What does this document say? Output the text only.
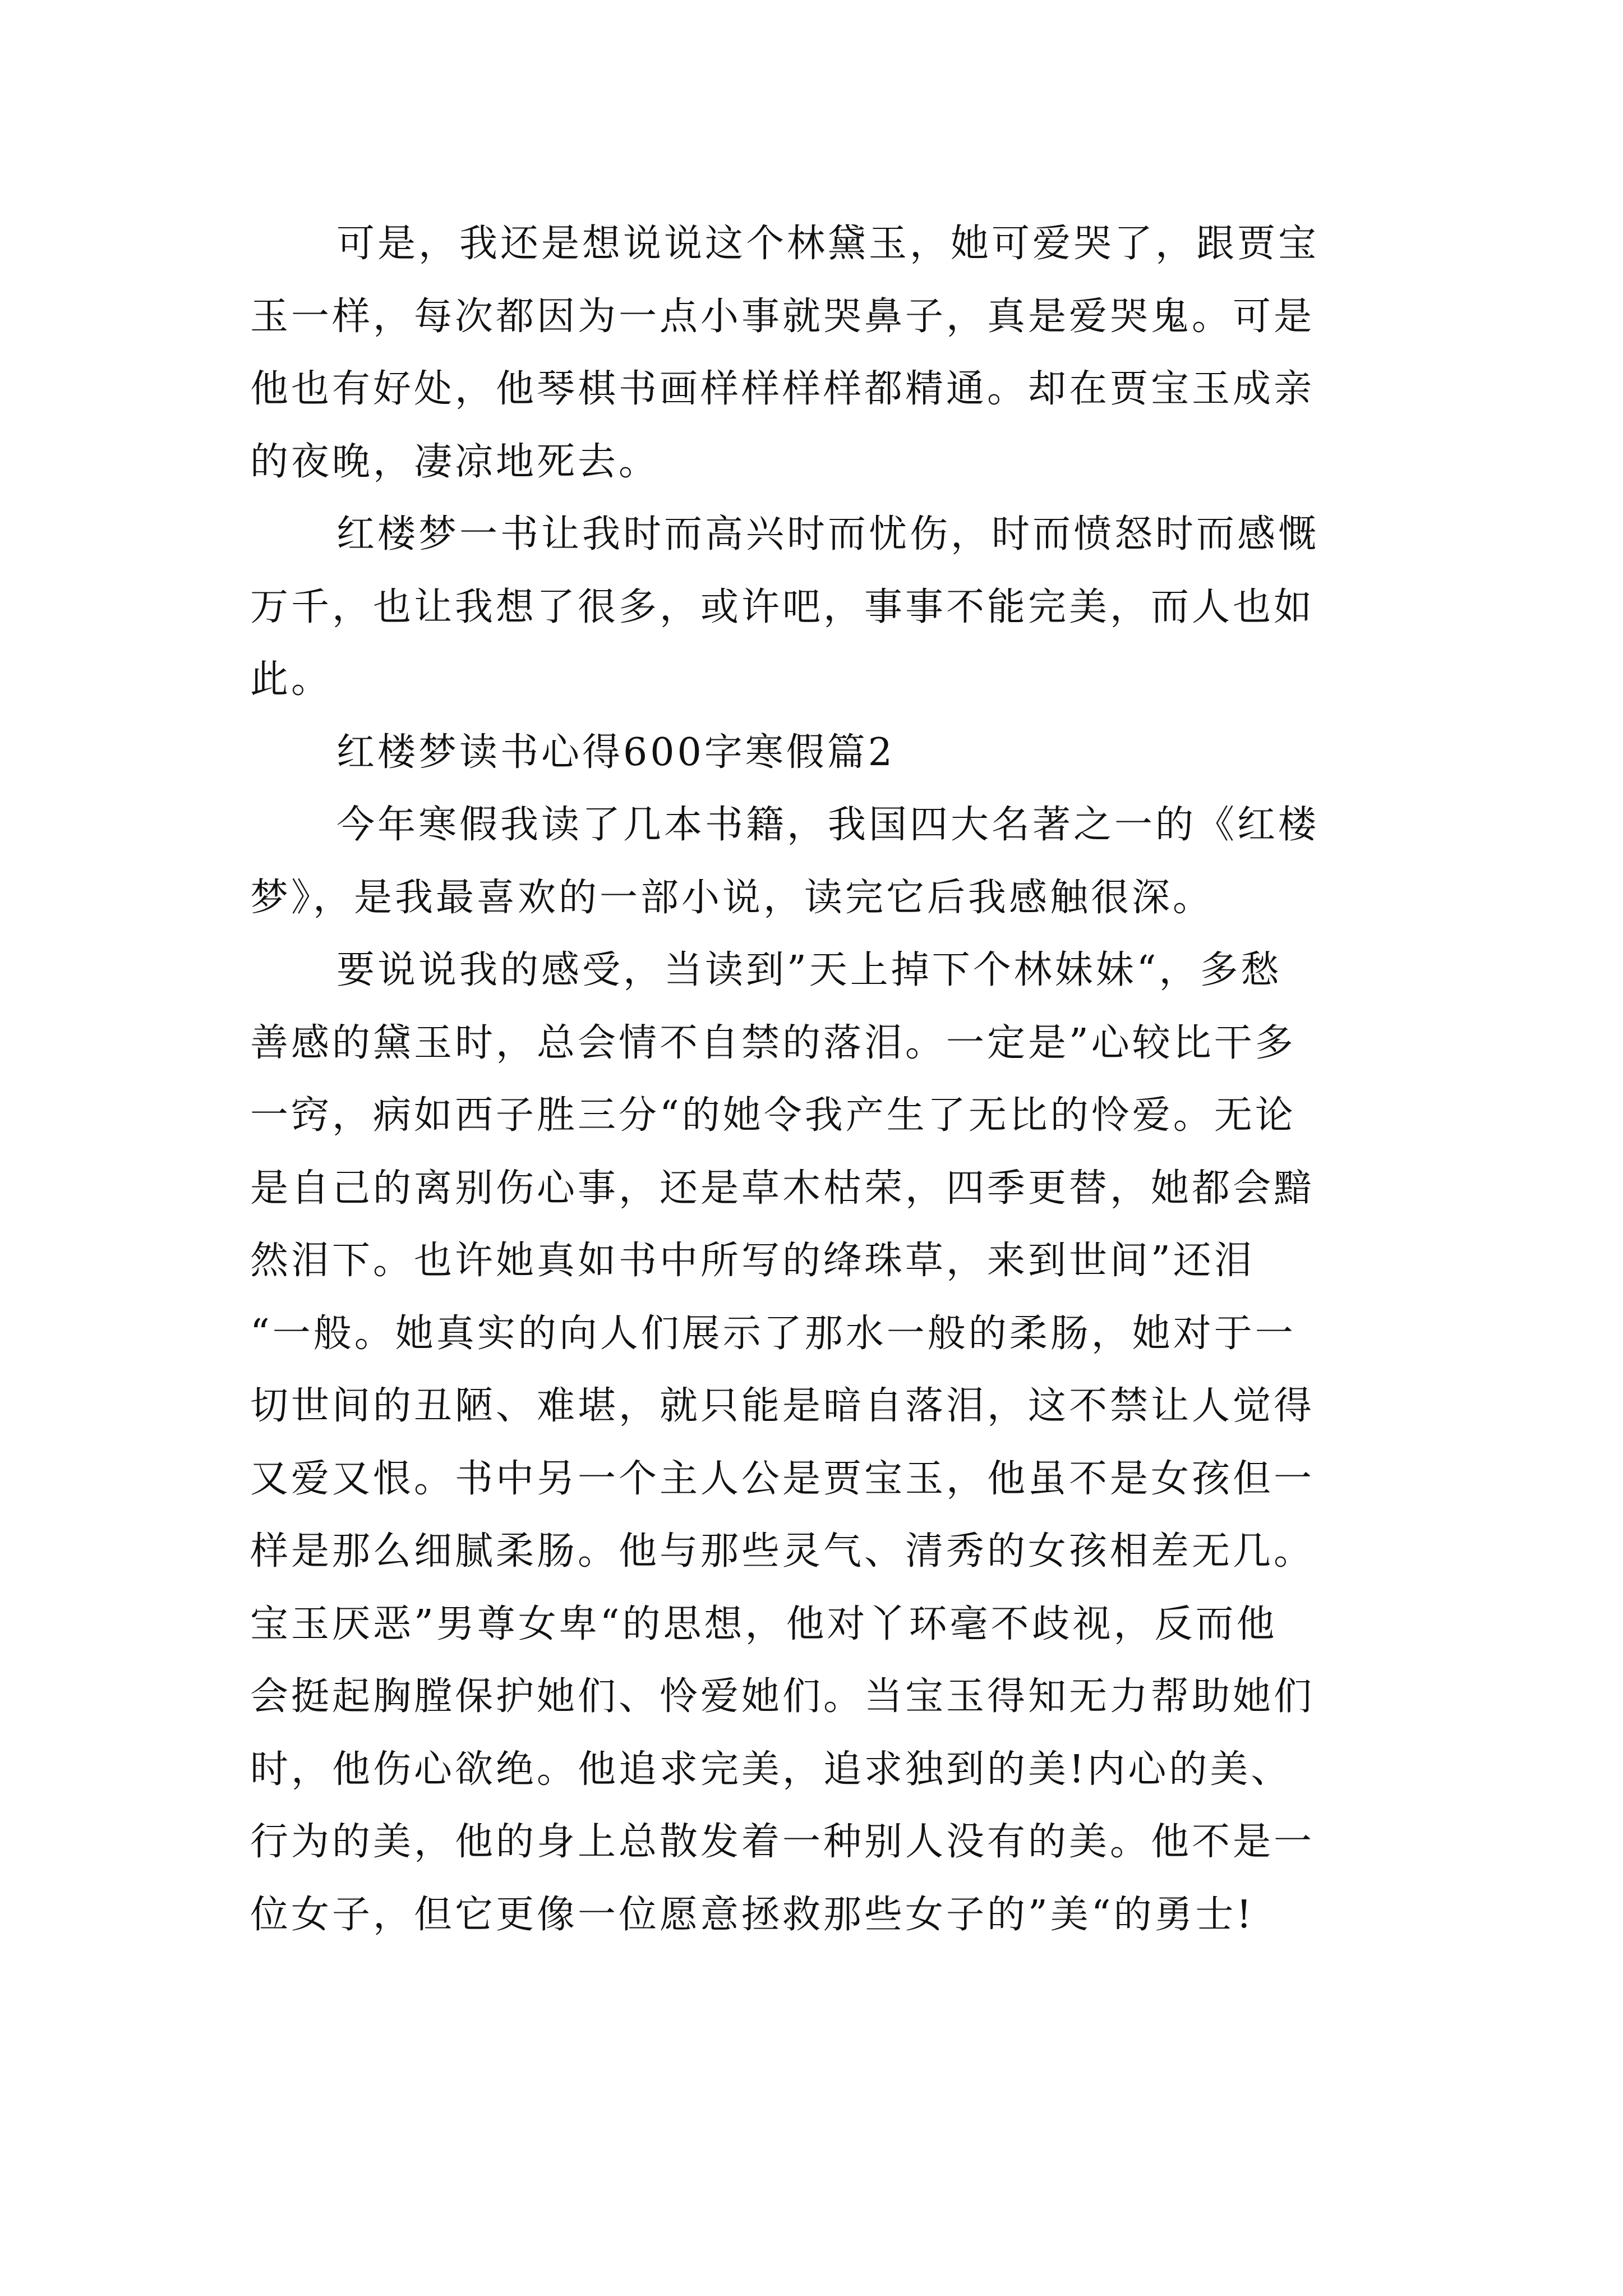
可是，我还是想说说这个林黛玉，她可爱哭了，跟贾宝
玉一样，每次都因为一点小事就哭鼻子，真是爱哭鬼。可是
他也有好处，他琴棋书画样样样样都精通。却在贾宝玉成亲
的夜晚，凄凉地死去。
红楼梦一书让我时而高兴时而忧伤，时而愤怒时而感慨
万千，也让我想了很多，或许吧，事事不能完美，而人也如
此。
红楼梦读书心得600字寒假篇2
今年寒假我读了几本书籍，我国四大名著之一的《红楼
梦》，是我最喜欢的一部小说，读完它后我感触很深。
要说说我的感受，当读到”天上掉下个林妹妹“，多愁
善感的黛玉时，总会情不自禁的落泪。一定是”心较比干多
一窍，病如西子胜三分“的她令我产生了无比的怜爱。无论
是自己的离别伤心事，还是草木枯荣，四季更替，她都会黯
然泪下。也许她真如书中所写的绛珠草，来到世间”还泪
“一般。她真实的向人们展示了那水一般的柔肠，她对于一
切世间的丑陋、难堪，就只能是暗自落泪，这不禁让人觉得
又爱又恨。书中另一个主人公是贾宝玉，他虽不是女孩但一
样是那么细腻柔肠。他与那些灵气、清秀的女孩相差无几。
宝玉厌恶”男尊女卑“的思想，他对丫环毫不歧视，反而他
会挺起胸膛保护她们、怜爱她们。当宝玉得知无力帮助她们
时，他伤心欲绝。他追求完美，追求独到的美!内心的美、
行为的美，他的身上总散发着一种别人没有的美。他不是一
位女子，但它更像一位愿意拯救那些女子的”美“的勇士!
